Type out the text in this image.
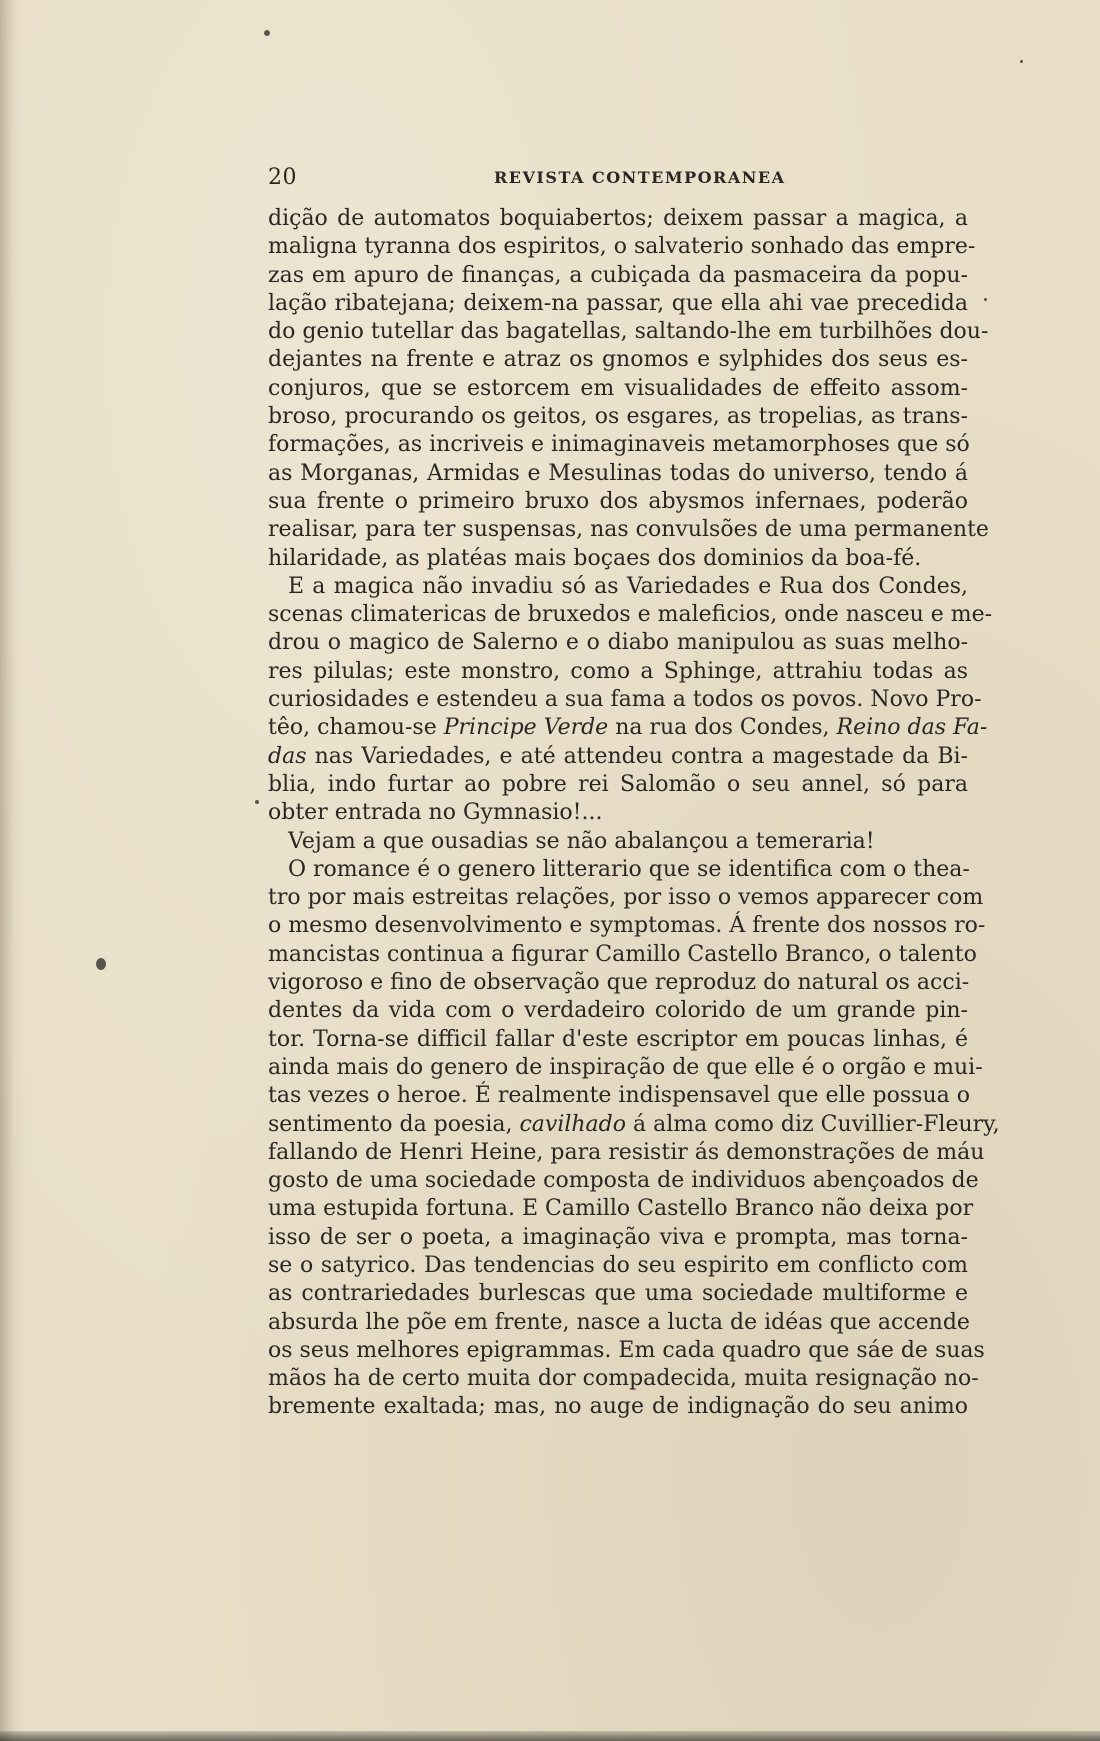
20	REVISTA CONTEMPORANEA
dição de automatos boquiabertos; deixem passar a magica, a
maligna tyranna dos espiritos, o salvaterio sonhado das empre-
zas em apuro de finanças, a cubiçada da pasmaceira da popu-
lação ribatejana; deixem-na passar, que ella ahi vae precedida
do genio tutellar das bagatellas, saltando-lhe em turbilhões dou-
dejantes na frente e atraz os gnomos e sylphides dos seus es-
conjuros, que se estorcem em visualidades de effeito assom-
broso, procurando os geitos, os esgares, as tropelias, as trans-
formações, as incriveis e inimaginaveis metamorphoses que só
as Morganas, Armidas e Mesulinas todas do universo, tendo á
sua frente o primeiro bruxo dos abysmos infernaes, poderão
realisar, para ter suspensas, nas convulsões de uma permanente
hilaridade, as platéas mais boçaes dos dominios da boa-fé.
E a magica não invadiu só as Variedades e Rua dos Condes,
scenas climatericas de bruxedos e maleficios, onde nasceu e me-
drou o magico de Salerno e o diabo manipulou as suas melho-
res pilulas; este monstro, como a Sphinge, attrahiu todas as
curiosidades e estendeu a sua fama a todos os povos. Novo Pro-
têo, chamou-se Principe Verde na rua dos Condes, Reino das Fa-
das nas Variedades, e até attendeu contra a magestade da Bi-
blia, indo furtar ao pobre rei Salomão o seu annel, só para
obter entrada no Gymnasio!...
Vejam a que ousadias se não abalançou a temeraria!
O romance é o genero litterario que se identifica com o thea-
tro por mais estreitas relações, por isso o vemos apparecer com
o mesmo desenvolvimento e symptomas. Á frente dos nossos ro-
mancistas continua a figurar Camillo Castello Branco, o talento
vigoroso e fino de observação que reproduz do natural os acci-
dentes da vida com o verdadeiro colorido de um grande pin-
tor. Torna-se difficil fallar d'este escriptor em poucas linhas, é
ainda mais do genero de inspiração de que elle é o orgão e mui-
tas vezes o heroe. É realmente indispensavel que elle possua o
sentimento da poesia, cavilhado á alma como diz Cuvillier-Fleury,
fallando de Henri Heine, para resistir ás demonstrações de máu
gosto de uma sociedade composta de individuos abençoados de
uma estupida fortuna. E Camillo Castello Branco não deixa por
isso de ser o poeta, a imaginação viva e prompta, mas torna-
se o satyrico. Das tendencias do seu espirito em conflicto com
as contrariedades burlescas que uma sociedade multiforme e
absurda lhe põe em frente, nasce a lucta de idéas que accende
os seus melhores epigrammas. Em cada quadro que sáe de suas
mãos ha de certo muita dor compadecida, muita resignação no-
bremente exaltada; mas, no auge de indignação do seu animo
